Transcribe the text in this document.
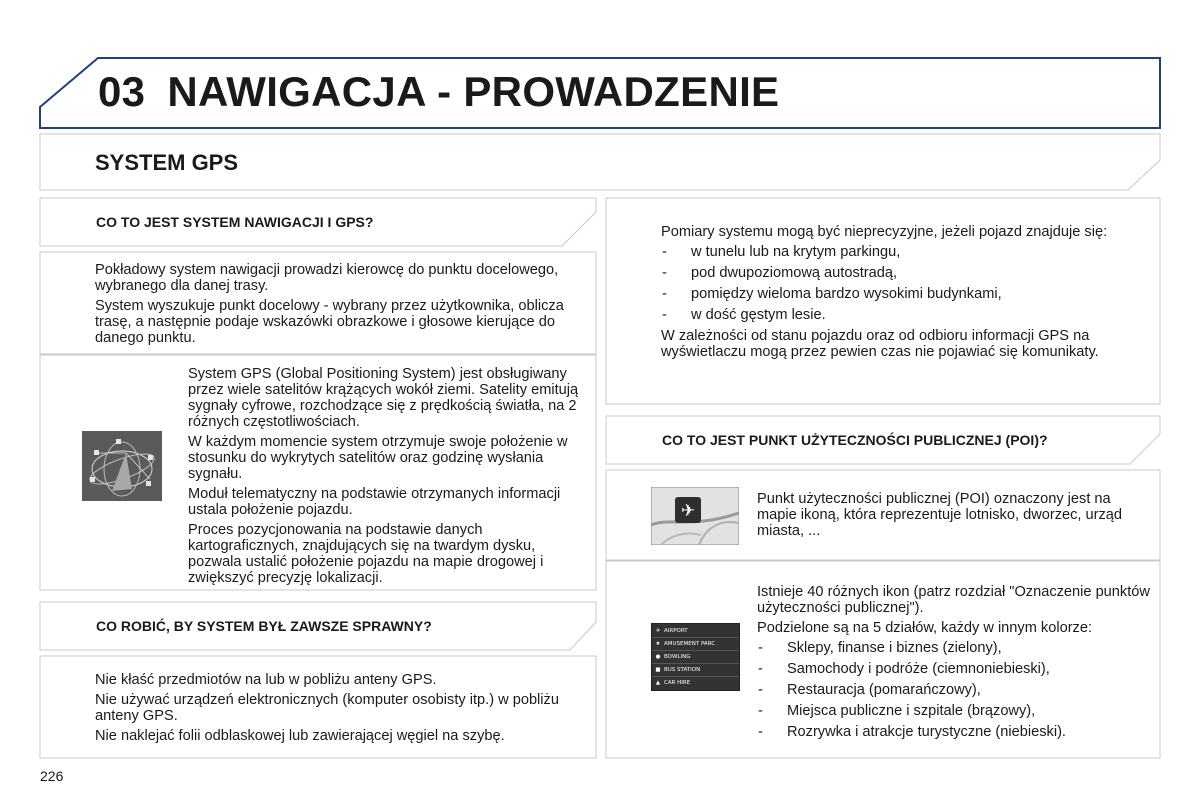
03 NAWIGACJA - PROWADZENIE
SYSTEM GPS
CO TO JEST SYSTEM NAWIGACJI I GPS?

Pokładowy system nawigacji prowadzi kierowcę do punktu docelowego, wybranego dla danej trasy.

System wyszukuje punkt docelowy - wybrany przez użytkownika, oblicza trasę, a następnie podaje wskazówki obrazkowe i głosowe kierujące do danego punktu.

System GPS (Global Positioning System) jest obsługiwany przez wiele satelitów krążących wokół ziemi. Satelity emitują sygnały cyfrowe, rozchodzące się z prędkością światła, na 2 różnych częstotliwościach.

W każdym momencie system otrzymuje swoje położenie w stosunku do wykrytych satelitów oraz godzinę wysłania sygnału.

Moduł telematyczny na podstawie otrzymanych informacji ustala położenie pojazdu.

Proces pozycjonowania na podstawie danych kartograficznych, znajdujących się na twardym dysku, pozwala ustalić położenie pojazdu na mapie drogowej i zwiększyć precyzję lokalizacji.

CO ROBIĆ, BY SYSTEM BYŁ ZAWSZE SPRAWNY?

Nie kłaść przedmiotów na lub w pobliżu anteny GPS.

Nie używać urządzeń elektronicznych (komputer osobisty itp.) w pobliżu anteny GPS.

Nie naklejać folii odblaskowej lub zawierającej węgiel na szybę.

Pomiary systemu mogą być nieprecyzyjne, jeżeli pojazd znajduje się:

- w tunelu lub na krytym parkingu,
- pod dwupoziomową autostradą,
- pomiędzy wieloma bardzo wysokimi budynkami,
- w dość gęstym lesie.

W zależności od stanu pojazdu oraz od odbioru informacji GPS na wyświetlaczu mogą przez pewien czas nie pojawiać się komunikaty.

CO TO JEST PUNKT UŻYTECZNOŚCI PUBLICZNEJ (POI)?
✈
Punkt użyteczności publicznej (POI) oznaczony jest na mapie ikoną, która reprezentuje lotnisko, dworzec, urząd miasta, ...
✈ AIRPORT
★ AMUSEMENT PARC
● BOWLING
■ BUS STATION
▲ CAR HIRE

Istnieje 40 różnych ikon (patrz rozdział "Oznaczenie punktów użyteczności publicznej").

Podzielone są na 5 działów, każdy w innym kolorze:

- Sklepy, finanse i biznes (zielony),
- Samochody i podróże (ciemnoniebieski),
- Restauracja (pomarańczowy),
- Miejsca publiczne i szpitale (brązowy),
- Rozrywka i atrakcje turystyczne (niebieski).
226
